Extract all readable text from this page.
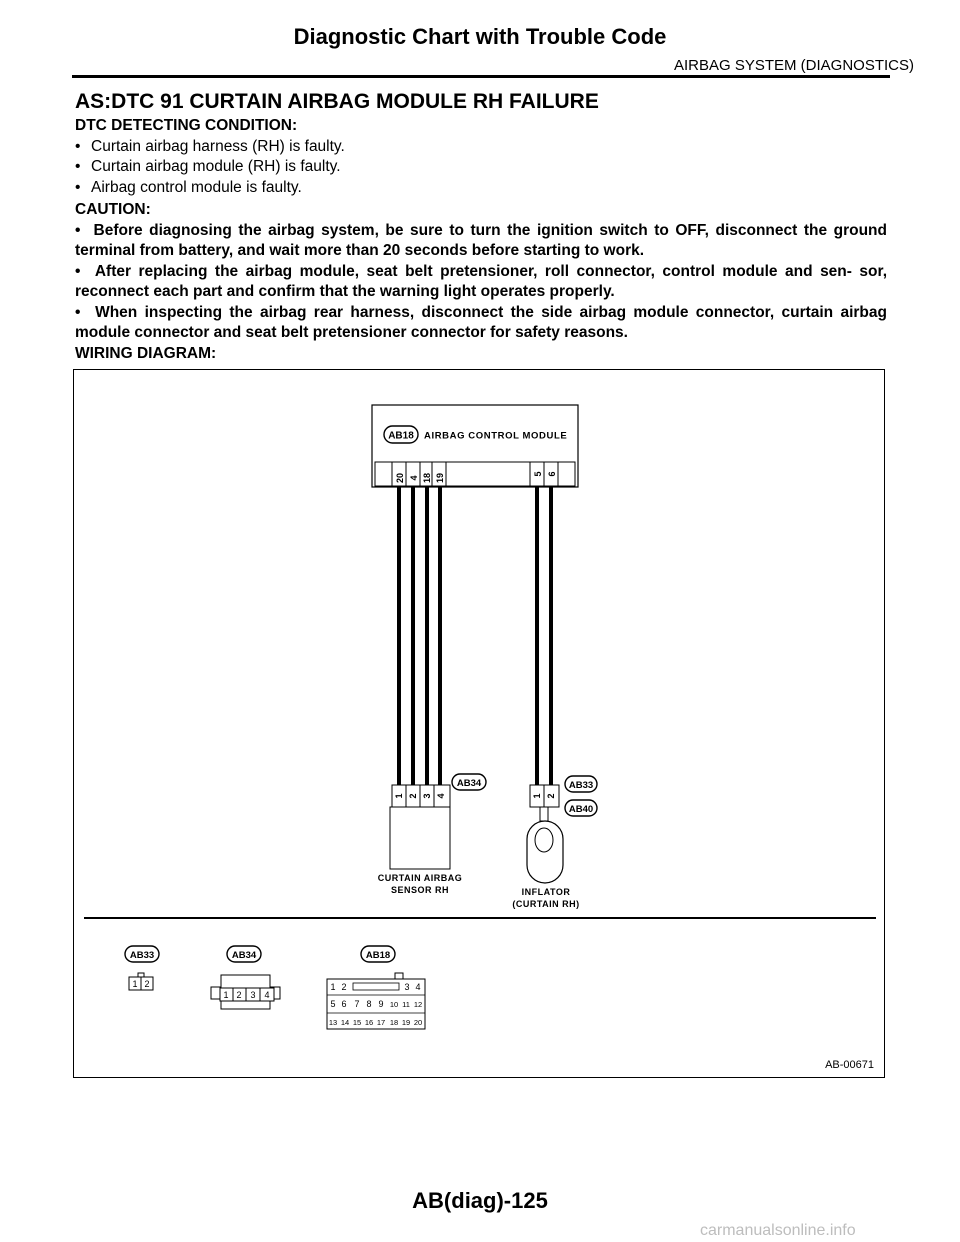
Diagnostic Chart with Trouble Code
AIRBAG SYSTEM (DIAGNOSTICS)
AS:DTC 91 CURTAIN AIRBAG MODULE RH FAILURE
DTC DETECTING CONDITION:
• Curtain airbag harness (RH) is faulty.
• Curtain airbag module (RH) is faulty.
• Airbag control module is faulty.
CAUTION:
•  Before diagnosing the airbag system, be sure to turn the ignition switch to OFF, disconnect the ground terminal from battery, and wait more than 20 seconds before starting to work.
•  After replacing the airbag module, seat belt pretensioner, roll connector, control module and sen- sor, reconnect each part and confirm that the warning light operates properly.
•  When inspecting the airbag rear harness, disconnect the side airbag module connector, curtain airbag module connector and seat belt pretensioner connector for safety reasons.
WIRING DIAGRAM:
AB18 AIRBAG CONTROL MODULE
20 4 18 19	5 6
1 2 3 4
AB34
CURTAIN AIRBAG
SENSOR RH
1 2
AB33
AB40
INFLATOR
(CURTAIN RH)
AB33
1 2
AB34
1 2 3 4
AB18
1 2	3 4
5 6 7 8 9 10 11 12
13 14 15 16 17 18 19 20
AB-00671
AB(diag)-125
carmanualsonline.info
